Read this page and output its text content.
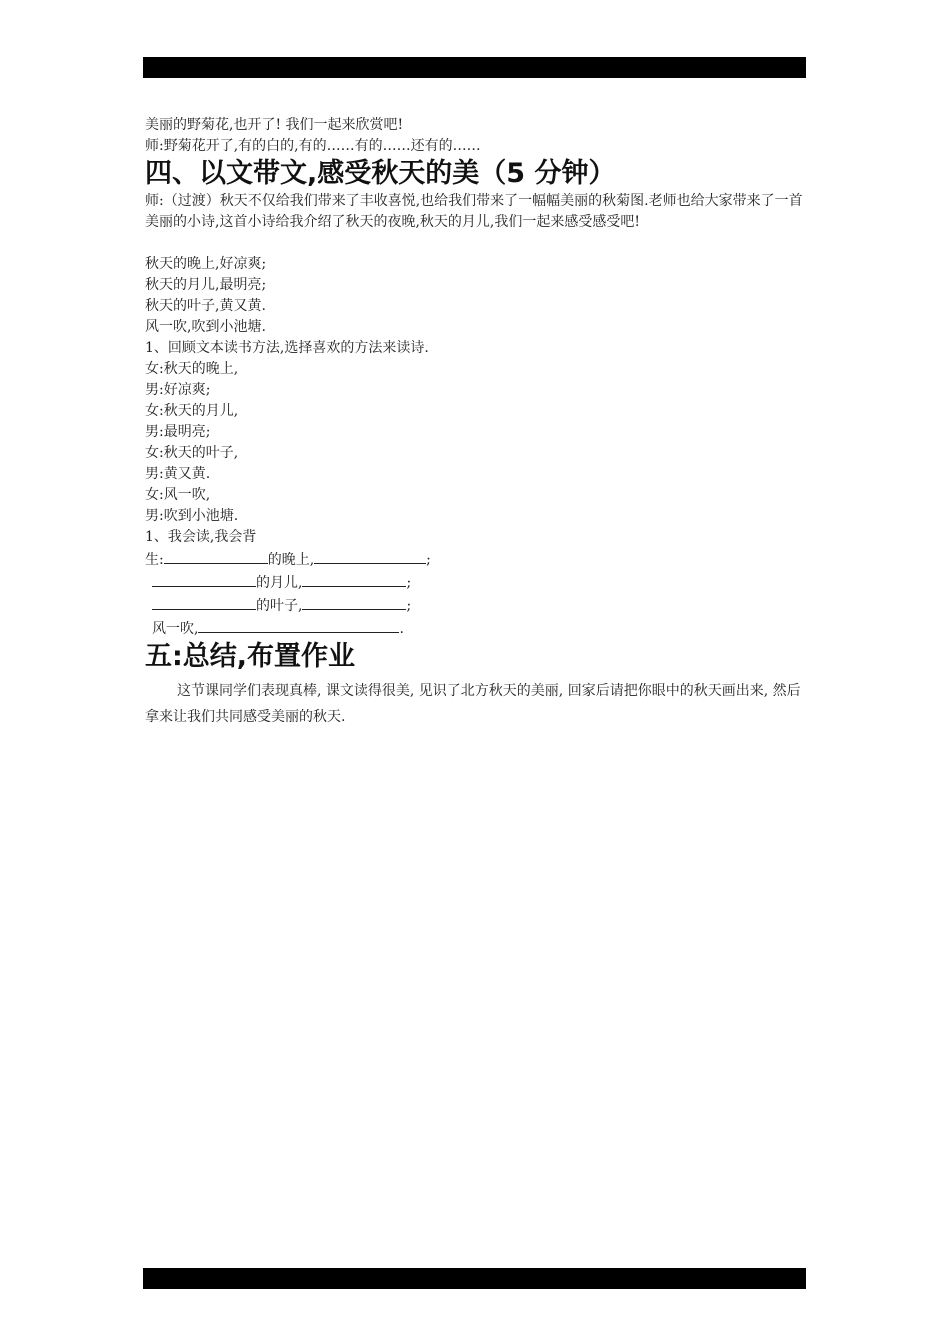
美丽的野菊花,也开了! 我们一起来欣赏吧!
师:野菊花开了,有的白的,有的……有的……还有的……
四、以文带文,感受秋天的美（5 分钟）
师:（过渡）秋天不仅给我们带来了丰收喜悦,也给我们带来了一幅幅美丽的秋菊图.老师也给大家带来了一首美丽的小诗,这首小诗给我介绍了秋天的夜晚,秋天的月儿,我们一起来感受感受吧!
秋天的晚上,好凉爽;
秋天的月儿,最明亮;
秋天的叶子,黄又黄.
风一吹,吹到小池塘.
1、回顾文本读书方法,选择喜欢的方法来读诗.
女:秋天的晚上,
男:好凉爽;
女:秋天的月儿,
男:最明亮;
女:秋天的叶子,
男:黄又黄.
女:风一吹,
男:吹到小池塘.
1、我会读,我会背
生:	的晚上,	;
的月儿,	;
的叶子,	;
风一吹,	.
五:总结,布置作业
这节课同学们表现真棒, 课文读得很美, 见识了北方秋天的美丽, 回家后请把你眼中的秋天画出来, 然后拿来让我们共同感受美丽的秋天.
